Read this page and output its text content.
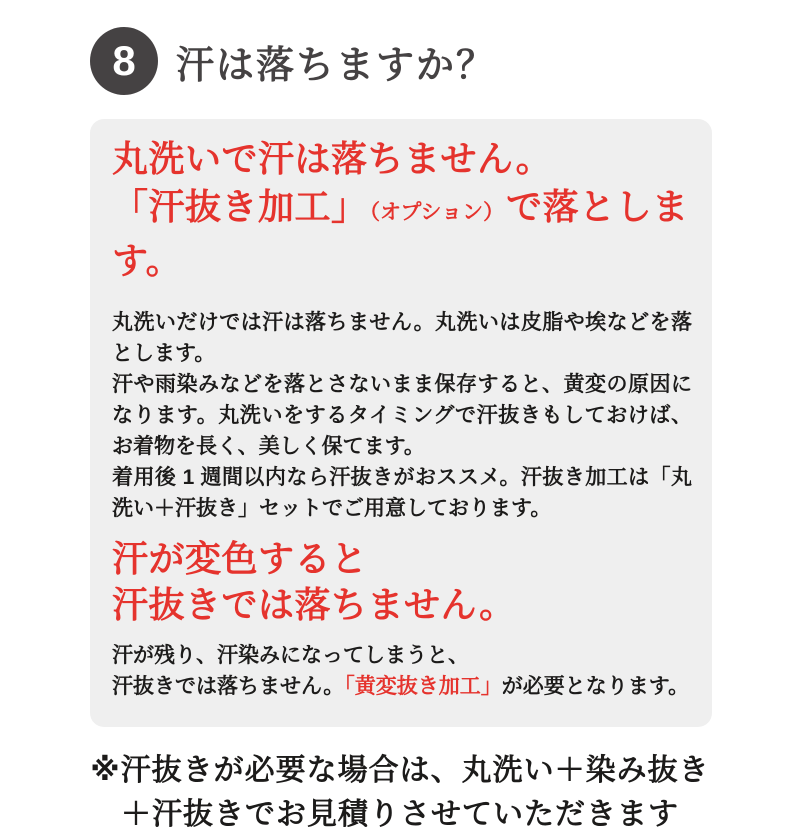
8 汗は落ちますか？
丸洗いで汗は落ちません。
「汗抜き加工」（オプション）で落とします。

丸洗いだけでは汗は落ちません。丸洗いは皮脂や埃などを落とします。
汗や雨染みなどを落とさないまま保存すると、黄変の原因になります。丸洗いをするタイミングで汗抜きもしておけば、お着物を長く、美しく保てます。
着用後 1 週間以内なら汗抜きがおススメ。汗抜き加工は「丸洗い＋汗抜き」セットでご用意しております。

汗が変色すると
汗抜きでは落ちません。

汗が残り、汗染みになってしまうと、
汗抜きでは落ちません。「黄変抜き加工」が必要となります。

※汗抜きが必要な場合は、丸洗い＋染み抜き
＋汗抜きでお見積りさせていただきます
